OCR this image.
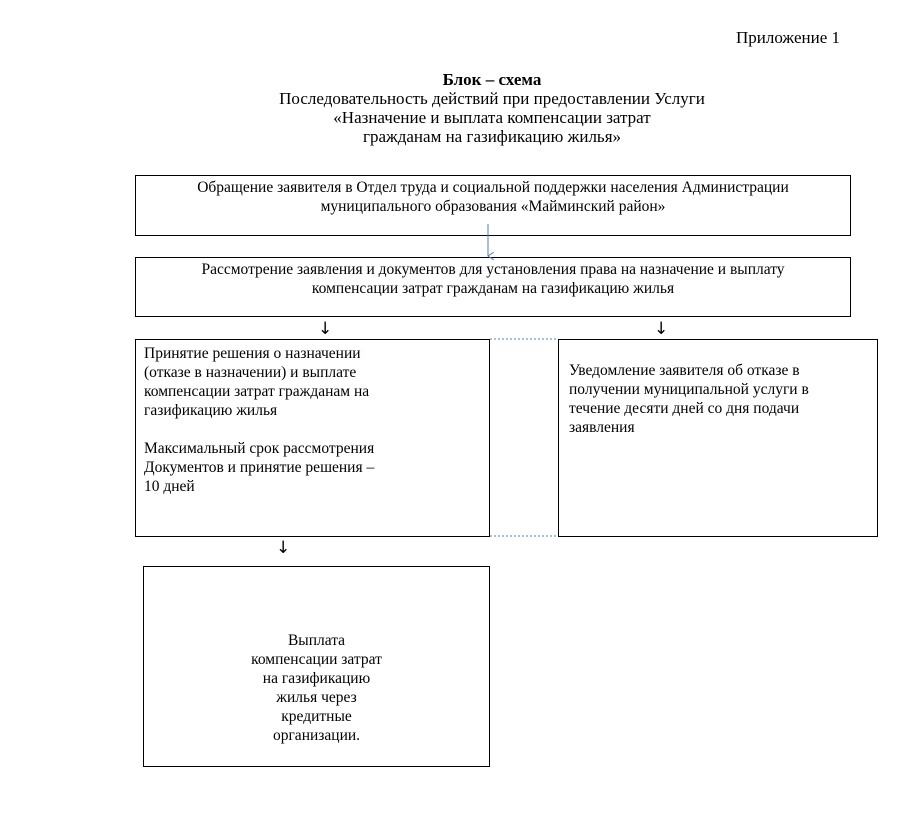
Приложение 1
Блок – схема
Последовательность действий при предоставлении Услуги
«Назначение и выплата компенсации затрат
гражданам на газификацию жилья»
Обращение заявителя в Отдел труда и социальной поддержки населения Администрации
муниципального образования «Майминский район»
Рассмотрение заявления и документов для установления права на назначение и выплату
компенсации затрат гражданам на газификацию жилья
Принятие решения о назначении
(отказе в назначении) и выплате
компенсации затрат гражданам на
газификацию жилья
Максимальный срок рассмотрения
Документов и принятие решения –
10 дней
Уведомление заявителя об отказе в
получении муниципальной услуги в
течение десяти дней со дня подачи
заявления
Выплата
компенсации затрат
на газификацию
жилья через
кредитные
организации.
↓	↓
↓
